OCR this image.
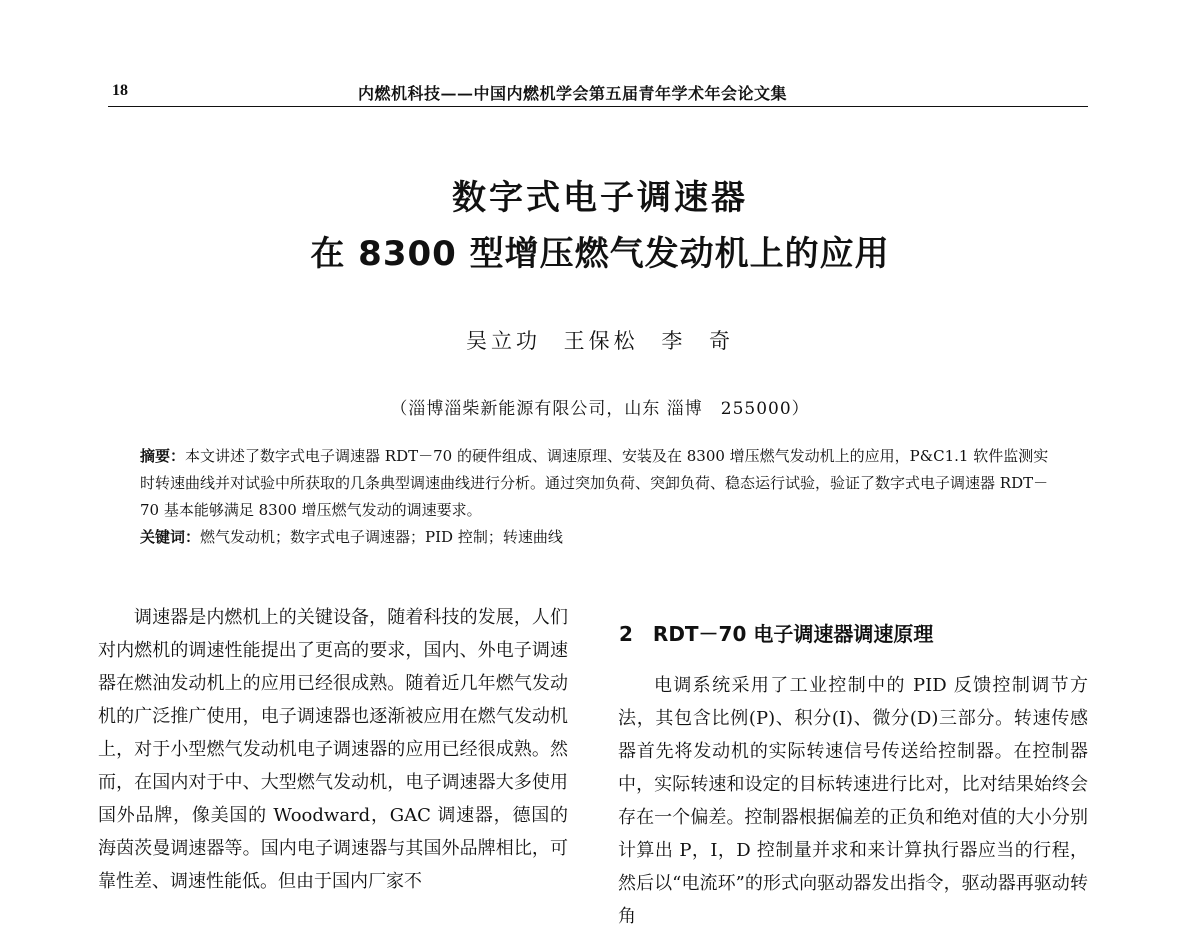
18	内燃机科技——中国内燃机学会第五届青年学术年会论文集
数字式电子调速器
在 8300 型增压燃气发动机上的应用
吴立功 王保松 李 奇
（淄博淄柴新能源有限公司，山东 淄博　255000）
摘要：本文讲述了数字式电子调速器 RDT－70 的硬件组成、调速原理、安装及在 8300 增压燃气发动机上的应用，P&C1.1 软件监测实时转速曲线并对试验中所获取的几条典型调速曲线进行分析。通过突加负荷、突卸负荷、稳态运行试验，验证了数字式电子调速器 RDT－70 基本能够满足 8300 增压燃气发动的调速要求。
关键词：燃气发动机；数字式电子调速器；PID 控制；转速曲线

调速器是内燃机上的关键设备，随着科技的发展，人们对内燃机的调速性能提出了更高的要求，国内、外电子调速器在燃油发动机上的应用已经很成熟。随着近几年燃气发动机的广泛推广使用，电子调速器也逐渐被应用在燃气发动机上，对于小型燃气发动机电子调速器的应用已经很成熟。然而，在国内对于中、大型燃气发动机，电子调速器大多使用国外品牌，像美国的 Woodward，GAC 调速器，德国的海茵茨曼调速器等。国内电子调速器与其国外品牌相比，可靠性差、调速性能低。但由于国内厂家不

2　RDT－70 电子调速器调速原理

电调系统采用了工业控制中的 PID 反馈控制调节方法，其包含比例(P)、积分(I)、微分(D)三部分。转速传感器首先将发动机的实际转速信号传送给控制器。在控制器中，实际转速和设定的目标转速进行比对，比对结果始终会存在一个偏差。控制器根据偏差的正负和绝对值的大小分别计算出 P，I，D 控制量并求和来计算执行器应当的行程，然后以“电流环”的形式向驱动器发出指令，驱动器再驱动转角
